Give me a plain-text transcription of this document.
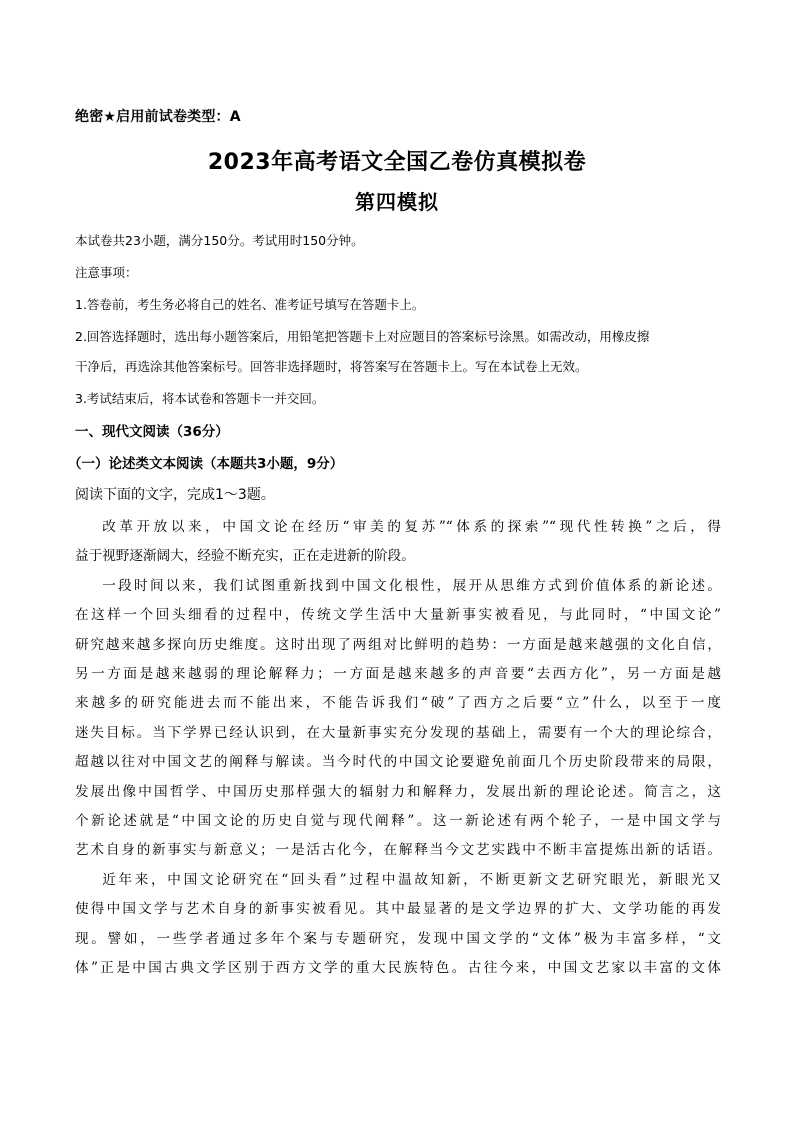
绝密★启用前试卷类型：A
2023年高考语文全国乙卷仿真模拟卷
第四模拟
本试卷共23小题，满分150分。考试用时150分钟。
注意事项：
1.答卷前，考生务必将自己的姓名、准考证号填写在答题卡上。
2.回答选择题时，选出每小题答案后，用铅笔把答题卡上对应题目的答案标号涂黑。如需改动，用橡皮擦
干净后，再选涂其他答案标号。回答非选择题时，将答案写在答题卡上。写在本试卷上无效。
3.考试结束后，将本试卷和答题卡一并交回。
一、现代文阅读（36分）
（一）论述类文本阅读（本题共3小题，9分）
阅读下面的文字，完成1～3题。
改革开放以来，中国文论在经历“审美的复苏”“体系的探索”“现代性转换”之后，得
益于视野逐渐阔大，经验不断充实，正在走进新的阶段。
一段时间以来，我们试图重新找到中国文化根性，展开从思维方式到价值体系的新论述。
在这样一个回头细看的过程中，传统文学生活中大量新事实被看见，与此同时，“中国文论”
研究越来越多探向历史维度。这时出现了两组对比鲜明的趋势：一方面是越来越强的文化自信，
另一方面是越来越弱的理论解释力；一方面是越来越多的声音要“去西方化”，另一方面是越
来越多的研究能进去而不能出来，不能告诉我们“破”了西方之后要“立”什么，以至于一度
迷失目标。当下学界已经认识到，在大量新事实充分发现的基础上，需要有一个大的理论综合，
超越以往对中国文艺的阐释与解读。当今时代的中国文论要避免前面几个历史阶段带来的局限，
发展出像中国哲学、中国历史那样强大的辐射力和解释力，发展出新的理论论述。简言之，这
个新论述就是“中国文论的历史自觉与现代阐释”。这一新论述有两个轮子，一是中国文学与
艺术自身的新事实与新意义；一是活古化今，在解释当今文艺实践中不断丰富提炼出新的话语。
近年来，中国文论研究在“回头看”过程中温故知新，不断更新文艺研究眼光，新眼光又
使得中国文学与艺术自身的新事实被看见。其中最显著的是文学边界的扩大、文学功能的再发
现。譬如，一些学者通过多年个案与专题研究，发现中国文学的“文体”极为丰富多样，“文
体”正是中国古典文学区别于西方文学的重大民族特色。古往今来，中国文艺家以丰富的文体
